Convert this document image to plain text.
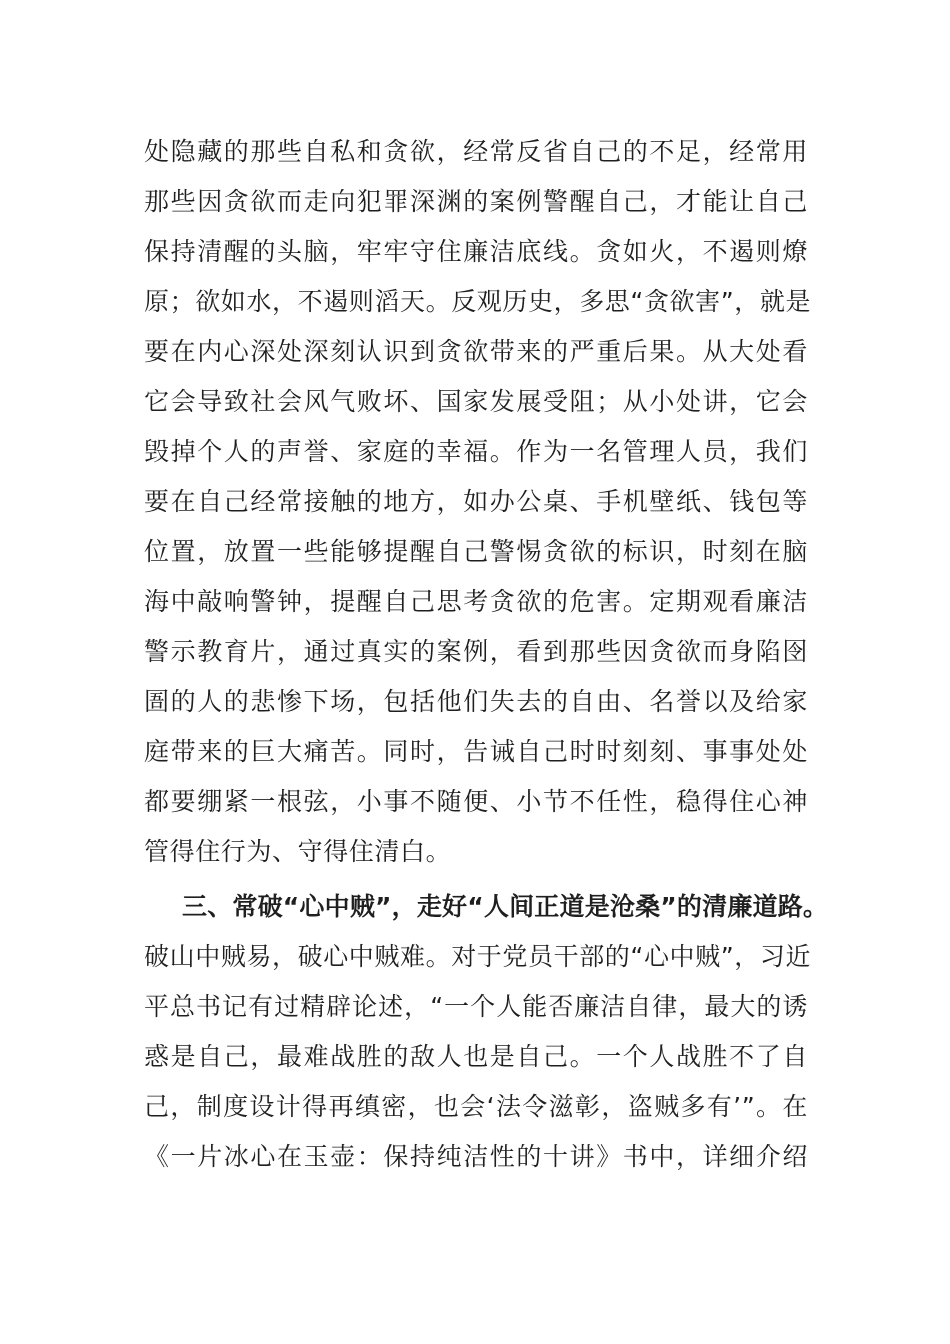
处隐藏的那些自私和贪欲，经常反省自己的不足，经常用
那些因贪欲而走向犯罪深渊的案例警醒自己，才能让自己
保持清醒的头脑，牢牢守住廉洁底线。贪如火，不遏则燎
原；欲如水，不遏则滔天。反观历史，多思“贪欲害”，就是
要在内心深处深刻认识到贪欲带来的严重后果。从大处看
它会导致社会风气败坏、国家发展受阻；从小处讲，它会
毁掉个人的声誉、家庭的幸福。作为一名管理人员，我们
要在自己经常接触的地方，如办公桌、手机壁纸、钱包等
位置，放置一些能够提醒自己警惕贪欲的标识，时刻在脑
海中敲响警钟，提醒自己思考贪欲的危害。定期观看廉洁
警示教育片，通过真实的案例，看到那些因贪欲而身陷囹
圄的人的悲惨下场，包括他们失去的自由、名誉以及给家
庭带来的巨大痛苦。同时，告诫自己时时刻刻、事事处处
都要绷紧一根弦，小事不随便、小节不任性，稳得住心神
管得住行为、守得住清白。
三、常破“心中贼”，走好“人间正道是沧桑”的清廉道路。
破山中贼易，破心中贼难。对于党员干部的“心中贼”，习近
平总书记有过精辟论述，“一个人能否廉洁自律，最大的诱
惑是自己，最难战胜的敌人也是自己。一个人战胜不了自
己，制度设计得再缜密，也会‘法令滋彰，盗贼多有’”。在
《一片冰心在玉壶：保持纯洁性的十讲》书中，详细介绍
